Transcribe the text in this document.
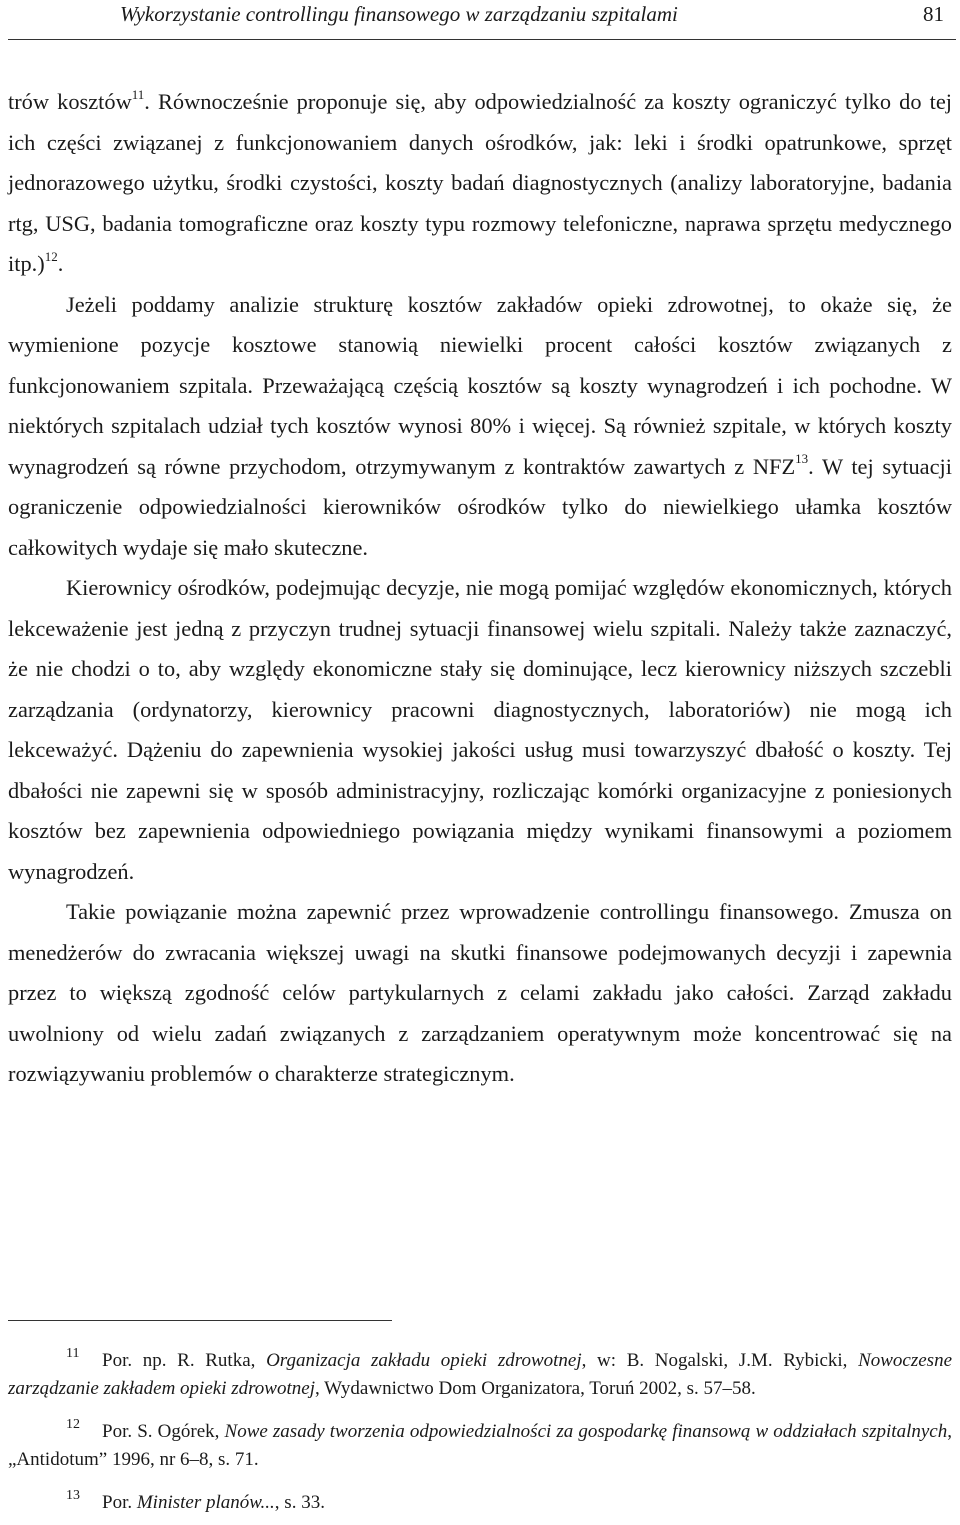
Wykorzystanie controllingu finansowego w zarządzaniu szpitalami	81

trów kosztów$^{11}$. Równocześnie proponuje się, aby odpowiedzialność za koszty ograniczyć tylko do tej ich części związanej z funkcjonowaniem danych ośrodków, jak: leki i środki opatrunkowe, sprzęt jednorazowego użytku, środki czystości, koszty badań diagnostycznych (analizy laboratoryjne, badania rtg, USG, badania tomograficzne oraz koszty typu rozmowy telefoniczne, naprawa sprzętu medycznego itp.)$^{12}$.

Jeżeli poddamy analizie strukturę kosztów zakładów opieki zdrowotnej, to okaże się, że wymienione pozycje kosztowe stanowią niewielki procent całości kosztów związanych z funkcjonowaniem szpitala. Przeważającą częścią kosztów są koszty wynagrodzeń i ich pochodne. W niektórych szpitalach udział tych kosztów wynosi 80% i więcej. Są również szpitale, w których koszty wynagrodzeń są równe przychodom, otrzymywanym z kontraktów zawartych z NFZ$^{13}$. W tej sytuacji ograniczenie odpowiedzialności kierowników ośrodków tylko do niewielkiego ułamka kosztów całkowitych wydaje się mało skuteczne.

Kierownicy ośrodków, podejmując decyzje, nie mogą pomijać względów ekonomicznych, których lekceważenie jest jedną z przyczyn trudnej sytuacji finansowej wielu szpitali. Należy także zaznaczyć, że nie chodzi o to, aby względy ekonomiczne stały się dominujące, lecz kierownicy niższych szczebli zarządzania (ordynatorzy, kierownicy pracowni diagnostycznych, laboratoriów) nie mogą ich lekceważyć. Dążeniu do zapewnienia wysokiej jakości usług musi towarzyszyć dbałość o koszty. Tej dbałości nie zapewni się w sposób administracyjny, rozliczając komórki organizacyjne z poniesionych kosztów bez zapewnienia odpowiedniego powiązania między wynikami finansowymi a poziomem wynagrodzeń.

Takie powiązanie można zapewnić przez wprowadzenie controllingu finansowego. Zmusza on menedżerów do zwracania większej uwagi na skutki finansowe podejmowanych decyzji i zapewnia przez to większą zgodność celów partykularnych z celami zakładu jako całości. Zarząd zakładu uwolniony od wielu zadań związanych z zarządzaniem operatywnym może koncentrować się na rozwiązywaniu problemów o charakterze strategicznym.

11 Por. np. R. Rutka, Organizacja zakładu opieki zdrowotnej, w: B. Nogalski, J.M. Rybicki, Nowoczesne zarządzanie zakładem opieki zdrowotnej, Wydawnictwo Dom Organizatora, Toruń 2002, s. 57–58.

12 Por. S. Ogórek, Nowe zasady tworzenia odpowiedzialności za gospodarkę finansową w oddziałach szpitalnych, „Antidotum” 1996, nr 6–8, s. 71.

13 Por. Minister planów..., s. 33.
